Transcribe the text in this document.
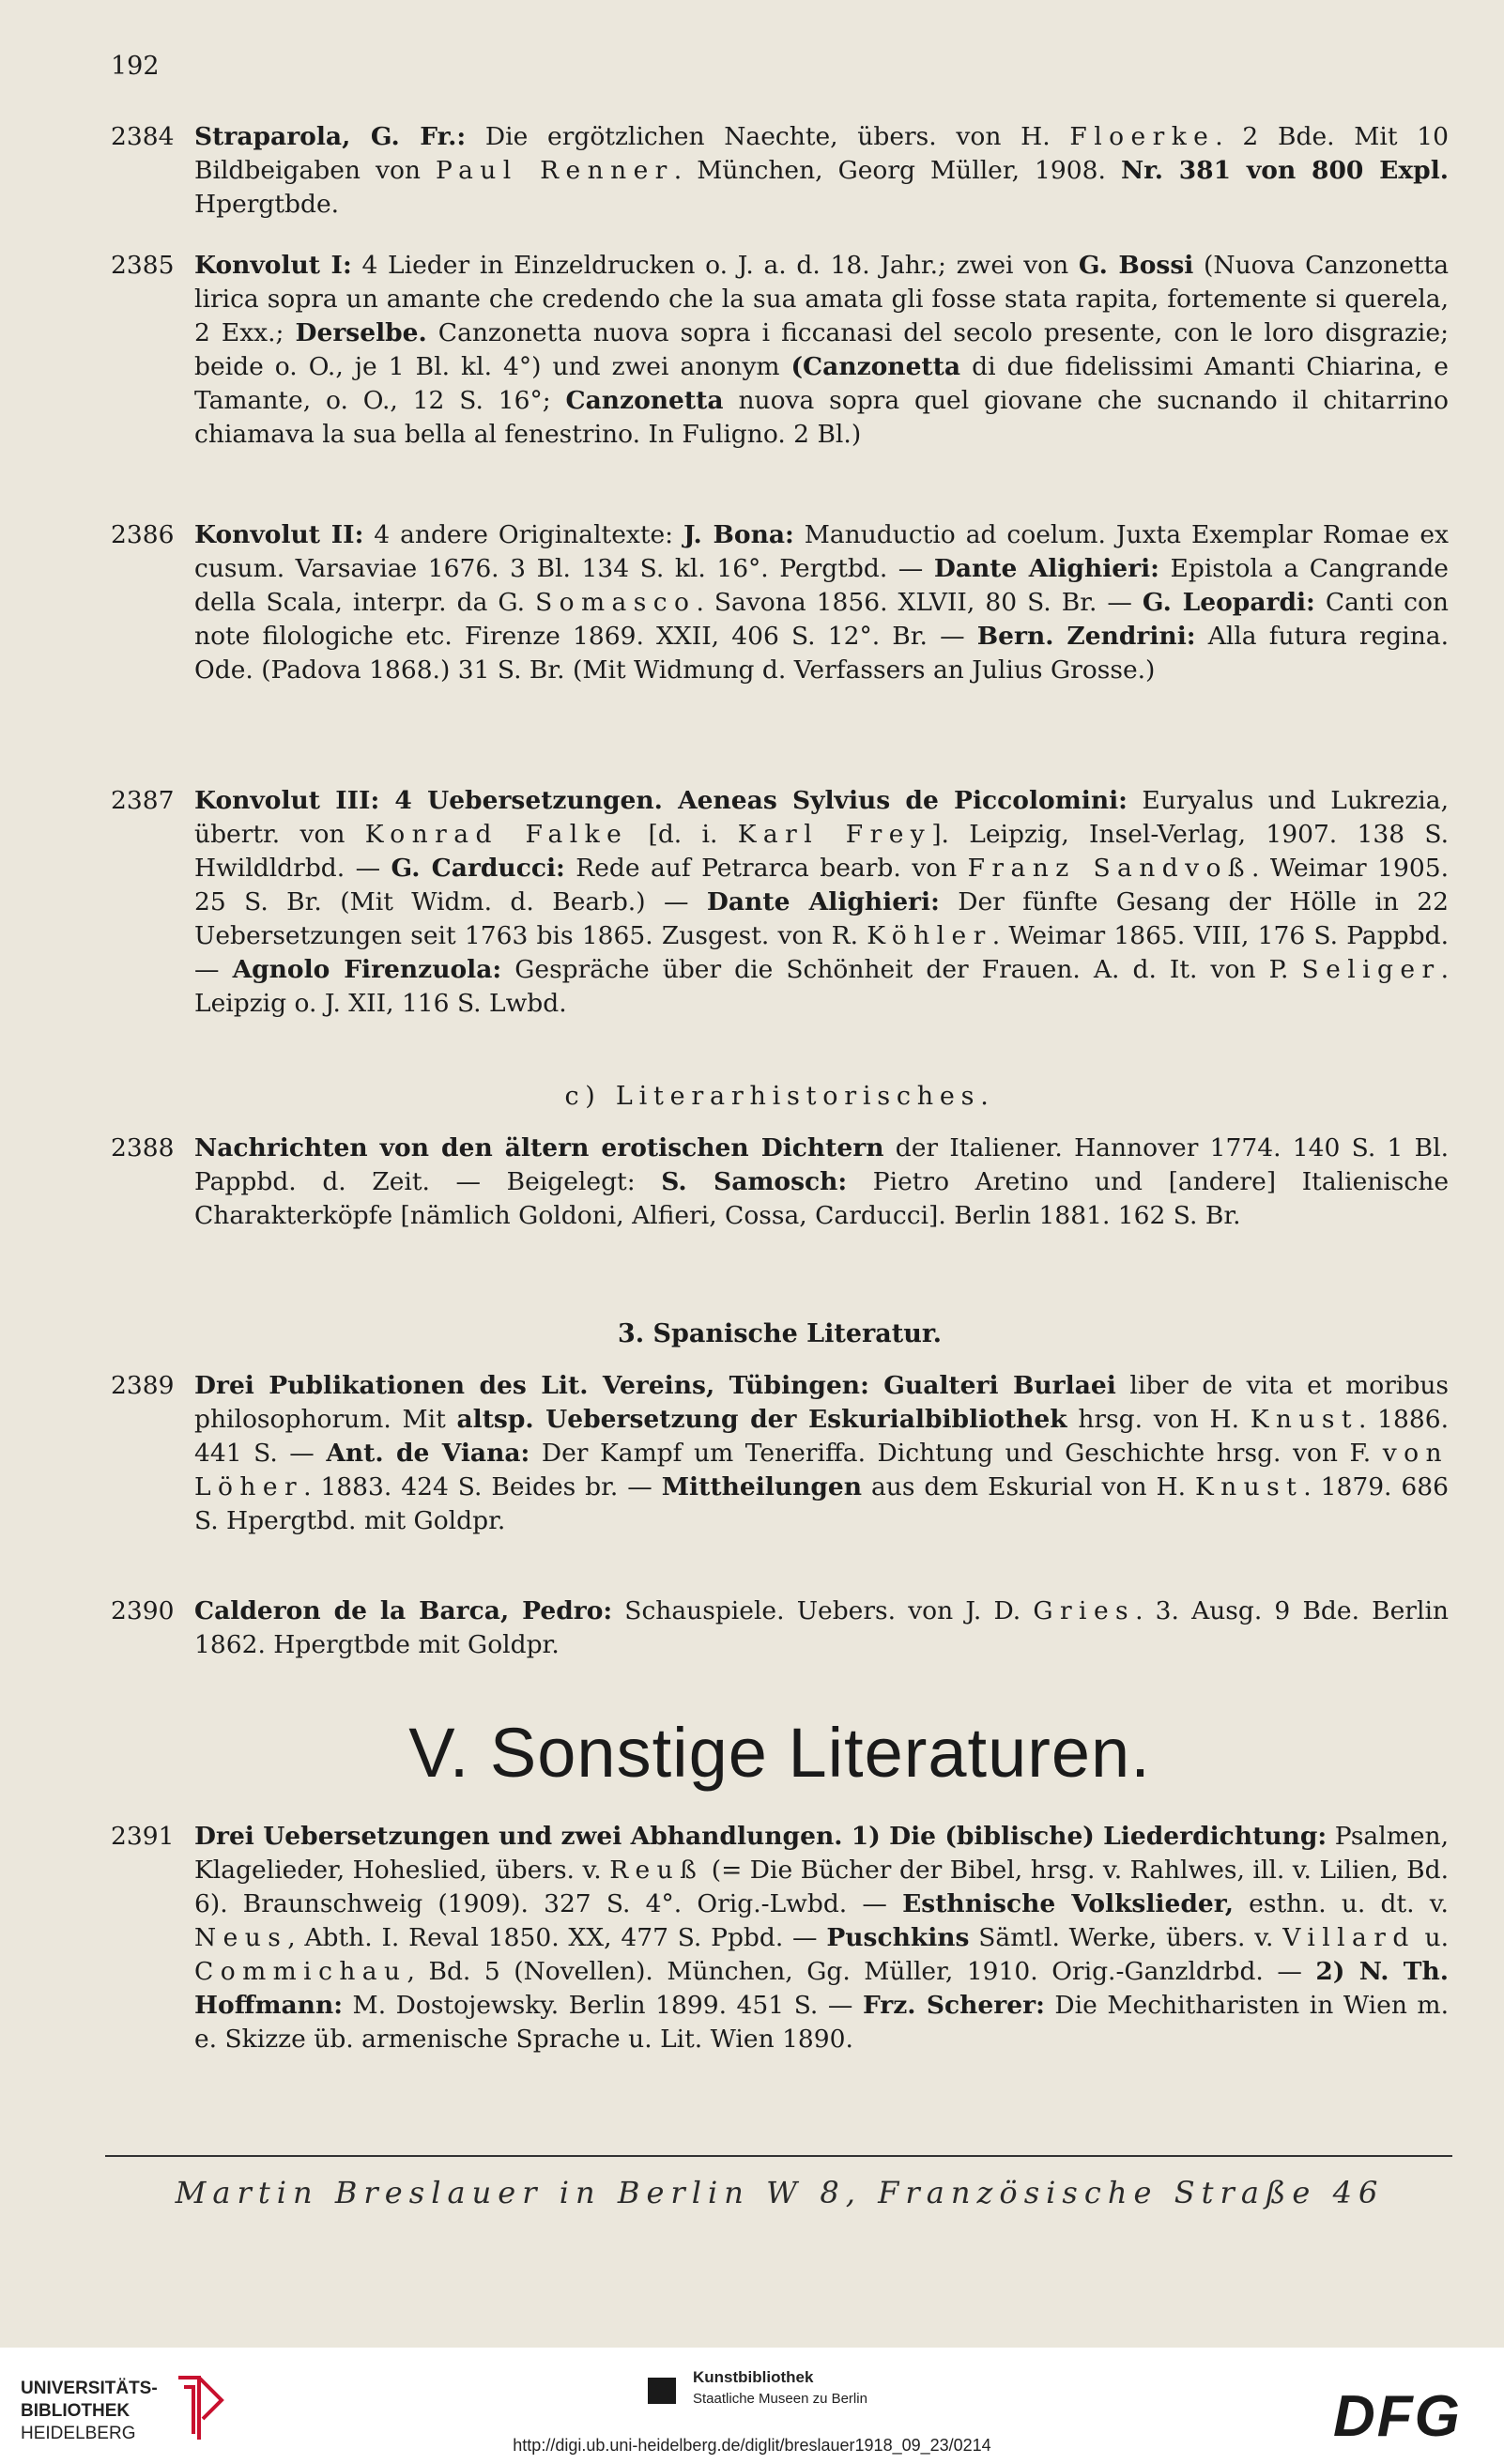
192
2384 Straparola, G. Fr.: Die ergötzlichen Naechte, übers. von H. Floerke. 2 Bde. Mit 10 Bildbeigaben von Paul Renner. München, Georg Müller, 1908. Nr. 381 von 800 Expl. Hpergtbde.
2385 Konvolut I: 4 Lieder in Einzeldrucken o. J. a. d. 18. Jahr.; zwei von G. Bossi (Nuova Canzonetta lirica sopra un amante che credendo che la sua amata gli fosse stata rapita, fortemente si querela, 2 Exx.; Derselbe. Canzonetta nuova sopra i ficcanasi del secolo presente, con le loro disgrazie; beide o. O., je 1 Bl. kl. 4°) und zwei anonym (Canzonetta di due fidelissimi Amanti Chiarina, e Tamante, o. O., 12 S. 16°; Canzonetta nuova sopra quel giovane che sucnando il chitarrino chiamava la sua bella al fenestrino. In Fuligno. 2 Bl.)
2386 Konvolut II: 4 andere Originaltexte: J. Bona: Manuductio ad coelum. Juxta Exemplar Romae ex cusum. Varsaviae 1676. 3 Bl. 134 S. kl. 16°. Pergtbd. — Dante Alighieri: Epistola a Cangrande della Scala, interpr. da G. Somasco. Savona 1856. XLVII, 80 S. Br. — G. Leopardi: Canti con note filologiche etc. Firenze 1869. XXII, 406 S. 12°. Br. — Bern. Zendrini: Alla futura regina. Ode. (Padova 1868.) 31 S. Br. (Mit Widmung d. Verfassers an Julius Grosse.)
2387 Konvolut III: 4 Uebersetzungen. Aeneas Sylvius de Piccolomini: Euryalus und Lukrezia, übertr. von Konrad Falke [d. i. Karl Frey]. Leipzig, Insel-Verlag, 1907. 138 S. Hwildldrbd. — G. Carducci: Rede auf Petrarca bearb. von Franz Sandvoß. Weimar 1905. 25 S. Br. (Mit Widm. d. Bearb.) — Dante Alighieri: Der fünfte Gesang der Hölle in 22 Uebersetzungen seit 1763 bis 1865. Zusgest. von R. Köhler. Weimar 1865. VIII, 176 S. Pappbd. — Agnolo Firenzuola: Gespräche über die Schönheit der Frauen. A. d. It. von P. Seliger. Leipzig o. J. XII, 116 S. Lwbd.
c) Literarhistorisches.
2388 Nachrichten von den ältern erotischen Dichtern der Italiener. Hannover 1774. 140 S. 1 Bl. Pappbd. d. Zeit. — Beigelegt: S. Samosch: Pietro Aretino und [andere] Italienische Charakterköpfe [nämlich Goldoni, Alfieri, Cossa, Carducci]. Berlin 1881. 162 S. Br.
3. Spanische Literatur.
2389 Drei Publikationen des Lit. Vereins, Tübingen: Gualteri Burlaei liber de vita et moribus philosophorum. Mit altsp. Uebersetzung der Eskurialbibliothek hrsg. von H. Knust. 1886. 441 S. — Ant. de Viana: Der Kampf um Teneriffa. Dichtung und Geschichte hrsg. von F. von Löher. 1883. 424 S. Beides br. — Mittheilungen aus dem Eskurial von H. Knust. 1879. 686 S. Hpergtbd. mit Goldpr.
2390 Calderon de la Barca, Pedro: Schauspiele. Uebers. von J. D. Gries. 3. Ausg. 9 Bde. Berlin 1862. Hpergtbde mit Goldpr.
V. Sonstige Literaturen.
2391 Drei Uebersetzungen und zwei Abhandlungen. 1) Die (biblische) Liederdichtung: Psalmen, Klagelieder, Hoheslied, übers. v. Reuß (= Die Bücher der Bibel, hrsg. v. Rahlwes, ill. v. Lilien, Bd. 6). Braunschweig (1909). 327 S. 4°. Orig.-Lwbd. — Esthnische Volkslieder, esthn. u. dt. v. Neus, Abth. I. Reval 1850. XX, 477 S. Ppbd. — Puschkins Sämtl. Werke, übers. v. Villard u. Commichau, Bd. 5 (Novellen). München, Gg. Müller, 1910. Orig.-Ganzldrbd. — 2) N. Th. Hoffmann: M. Dostojewsky. Berlin 1899. 451 S. — Frz. Scherer: Die Mechitharisten in Wien m. e. Skizze üb. armenische Sprache u. Lit. Wien 1890.
Martin Breslauer in Berlin W 8, Französische Straße 46
UNIVERSITÄTS-
BIBLIOTHEK
HEIDELBERG
Kunstbibliothek
Staatliche Museen zu Berlin	DFG
http://digi.ub.uni-heidelberg.de/diglit/breslauer1918_09_23/0214
